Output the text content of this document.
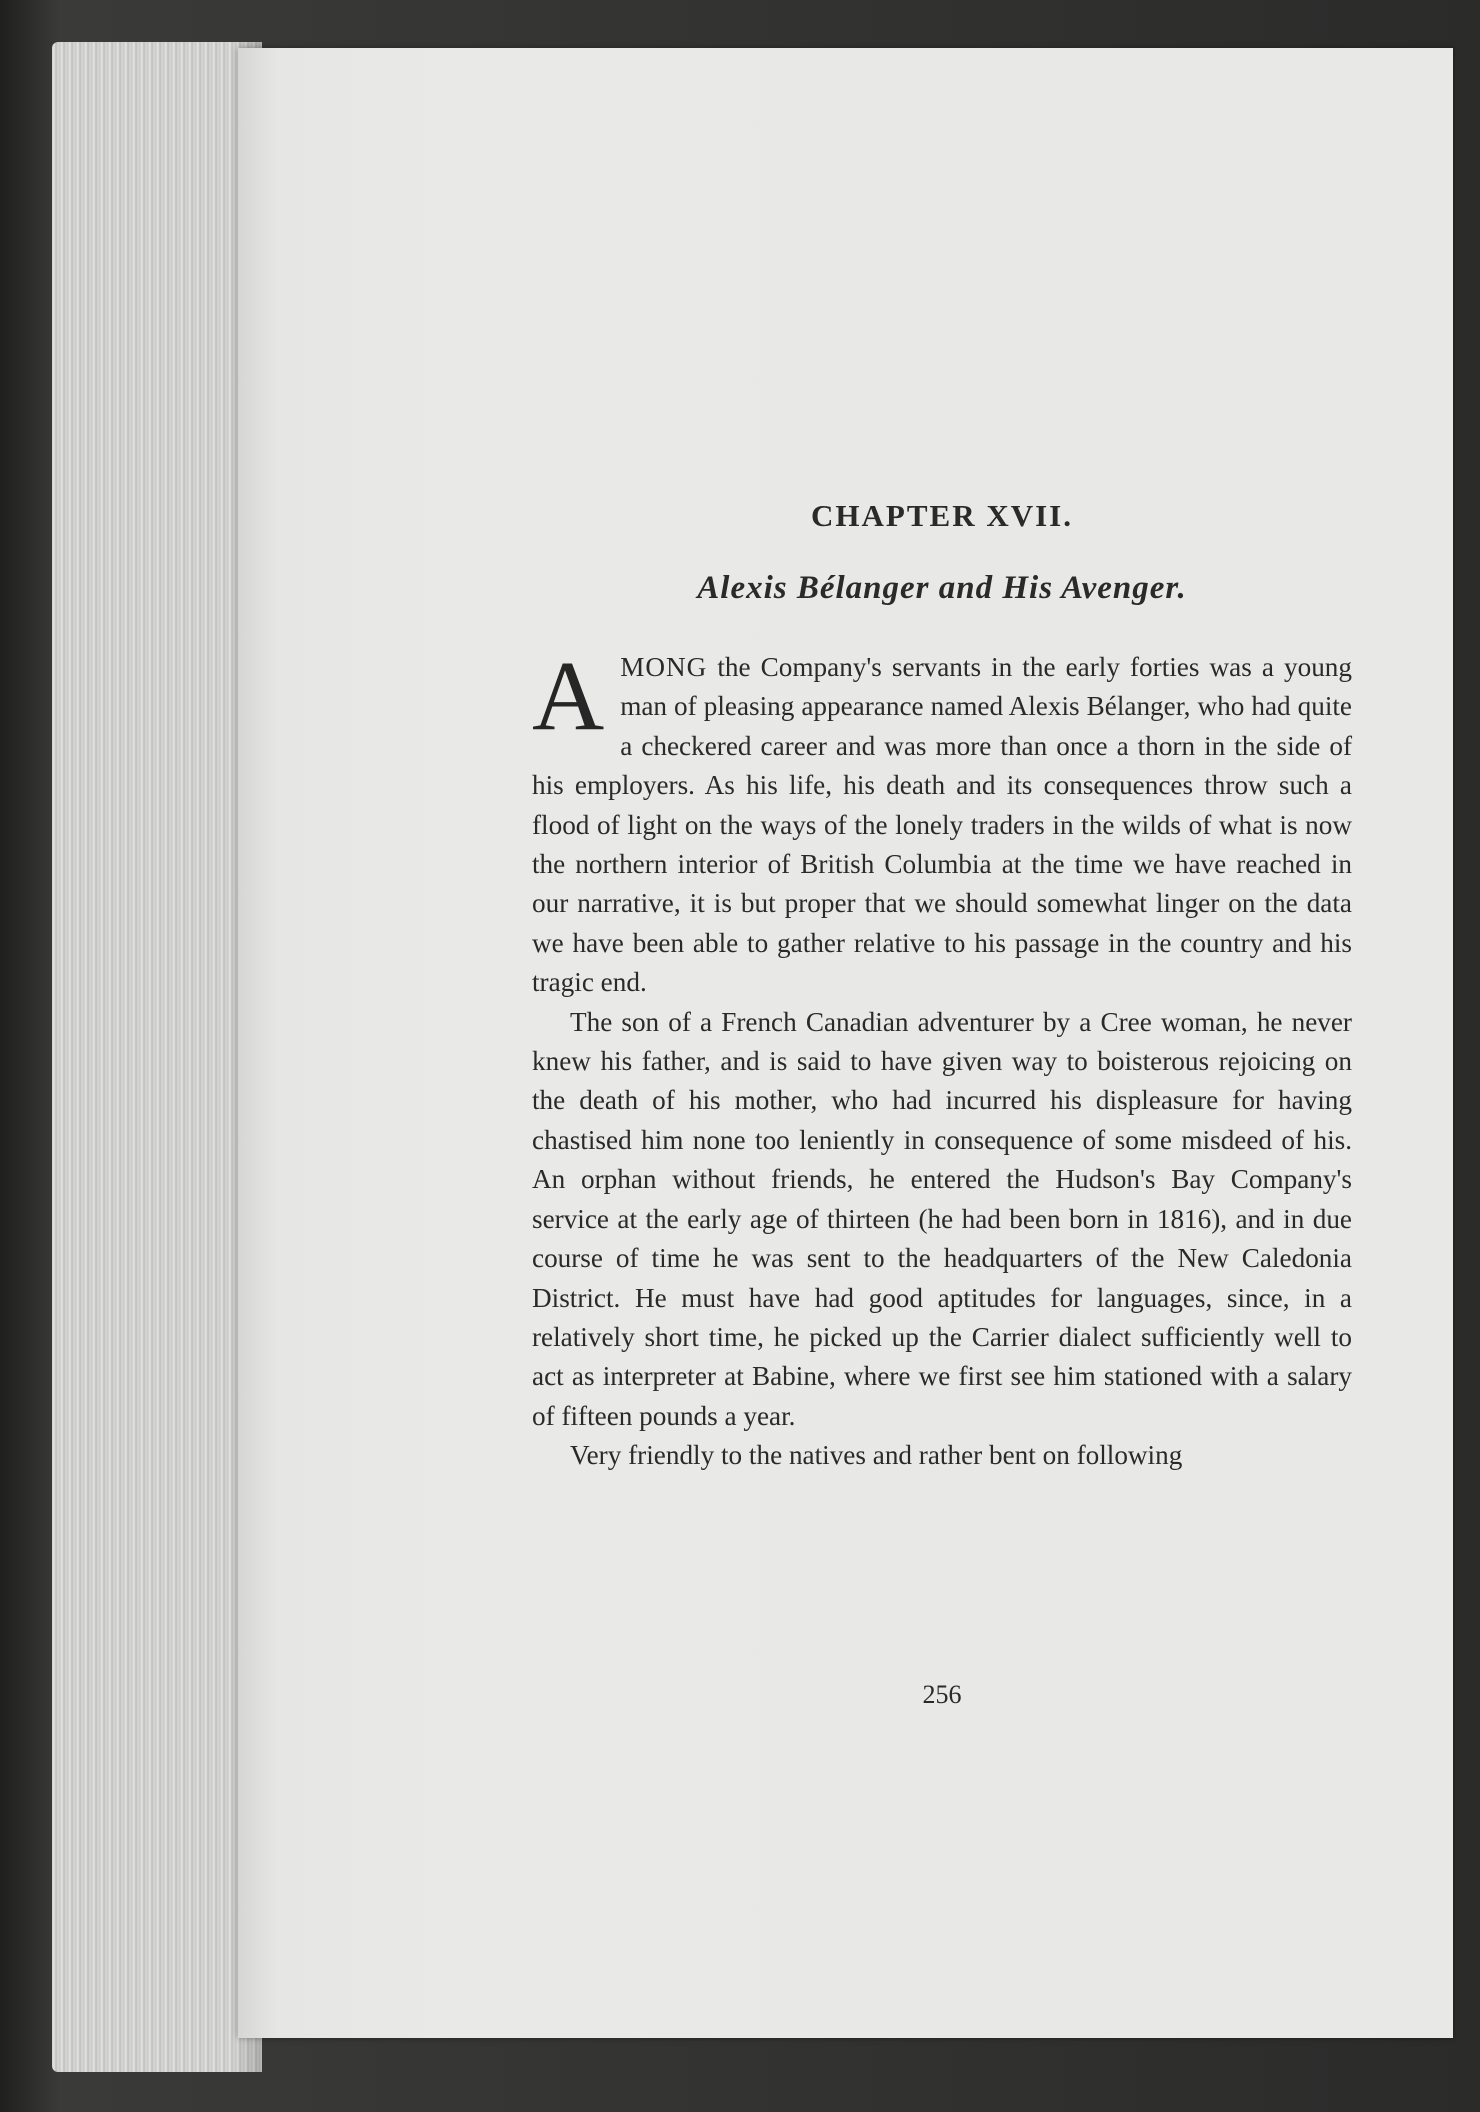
CHAPTER XVII.
Alexis Bélanger and His Avenger.

AMONG the Company's servants in the early forties was a young man of pleasing appearance named Alexis Bélanger, who had quite a checkered career and was more than once a thorn in the side of his employers. As his life, his death and its consequences throw such a flood of light on the ways of the lonely traders in the wilds of what is now the northern interior of British Columbia at the time we have reached in our narrative, it is but proper that we should somewhat linger on the data we have been able to gather relative to his passage in the country and his tragic end.

The son of a French Canadian adventurer by a Cree woman, he never knew his father, and is said to have given way to boisterous rejoicing on the death of his mother, who had incurred his displeasure for having chastised him none too leniently in consequence of some misdeed of his. An orphan without friends, he entered the Hudson's Bay Company's service at the early age of thirteen (he had been born in 1816), and in due course of time he was sent to the headquarters of the New Caledonia District. He must have had good aptitudes for languages, since, in a relatively short time, he picked up the Carrier dialect sufficiently well to act as interpreter at Babine, where we first see him stationed with a salary of fifteen pounds a year.

Very friendly to the natives and rather bent on following

256
